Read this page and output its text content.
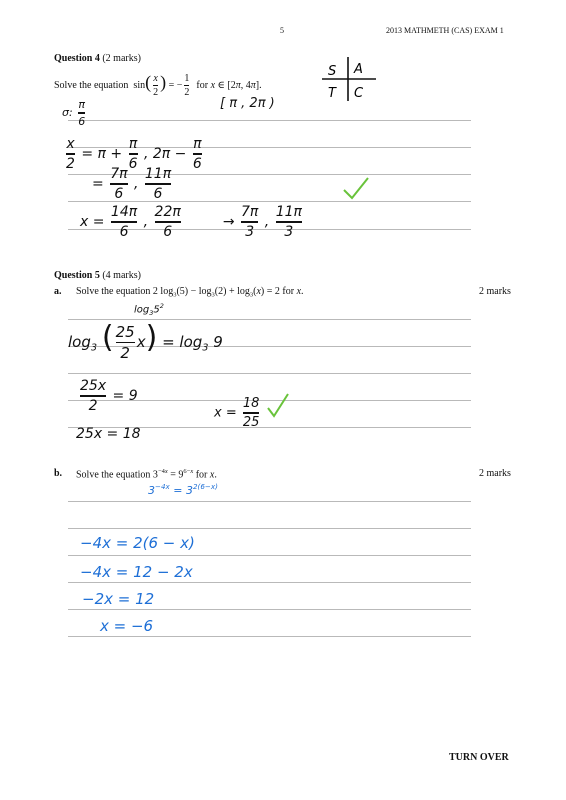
5	2013 MATHMETH (CAS) EXAM 1
Question 4 (2 marks)
Solve the equation  sin( x
2) = −1
2  for x ∈ [2π, 4π].
σ: π
6
[ π , 2π )
S A
T C
x
2 = π + π
6 , 2π − π
6
= 7π
6 , 11π
6
x = 14π
6 , 22π
6         → 7π
3 , 11π
3
Question 5 (4 marks)
a. Solve the equation 2 $\log_3(5) - \log_3(2) + \log_3(x) = 2$ for x.	2 marks
$\log_35^2$
$\log_3$ ( 25
$2x) = \log_3 9$
25x
2 = 9
x = 18
25
25x = 18
b. Solve the equation $3^{-4x} = 9^{6-x}$ for x.	2 marks
$3^{-4x} = 3^{2(6-x)}$
−4x = 2(6 − x)
−4x = 12 − 2x
−2x = 12
x = −6
TURN OVER
